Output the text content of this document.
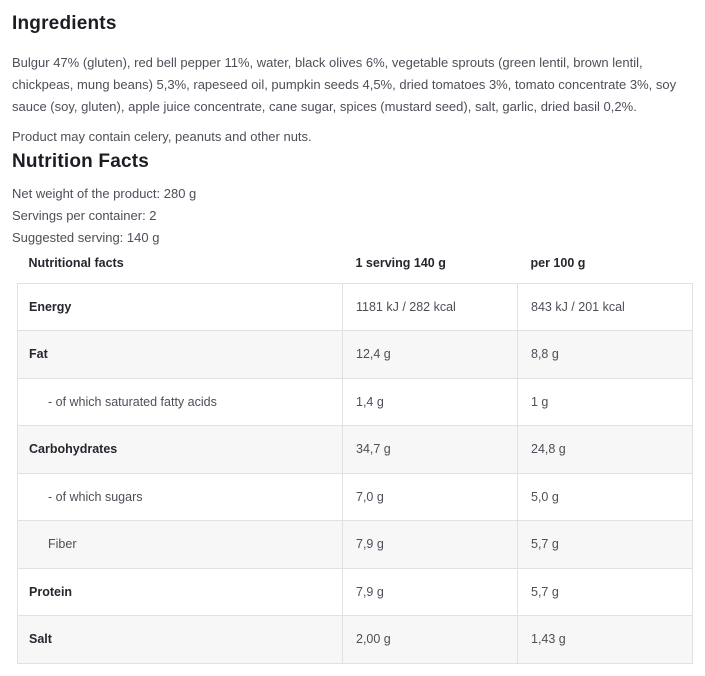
Ingredients

Bulgur 47% (gluten), red bell pepper 11%, water, black olives 6%, vegetable sprouts (green lentil, brown lentil, chickpeas, mung beans) 5,3%, rapeseed oil, pumpkin seeds 4,5%, dried tomatoes 3%, tomato concentrate 3%, soy sauce (soy, gluten), apple juice concentrate, cane sugar, spices (mustard seed), salt, garlic, dried basil 0,2%.

Product may contain celery, peanuts and other nuts.

Nutrition Facts
Net weight of the product: 280 g
Servings per container: 2
Suggested serving: 140 g
Nutritional facts	1 serving 140 g	per 100 g
Energy	1181 kJ / 282 kcal	843 kJ / 201 kcal
Fat	12,4 g	8,8 g
- of which saturated fatty acids	1,4 g	1 g
Carbohydrates	34,7 g	24,8 g
- of which sugars	7,0 g	5,0 g
Fiber	7,9 g	5,7 g
Protein	7,9 g	5,7 g
Salt	2,00 g	1,43 g
